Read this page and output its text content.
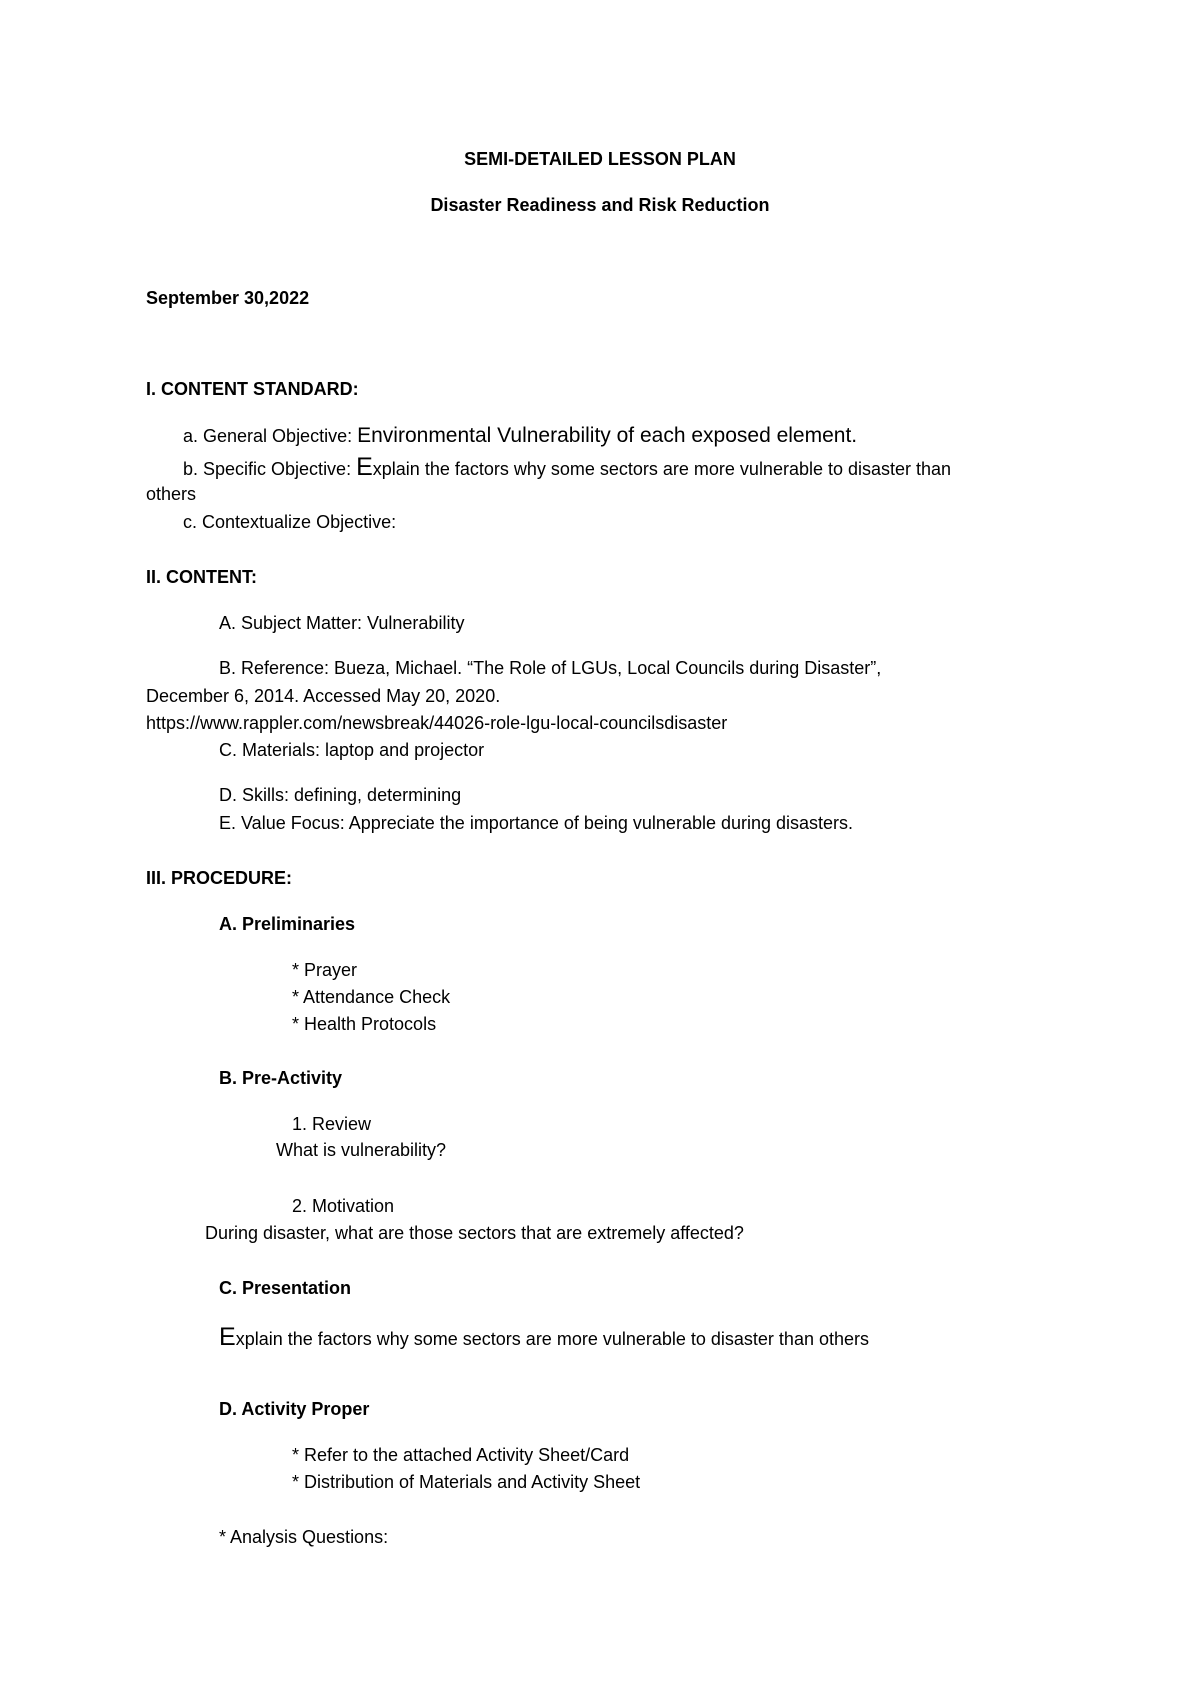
SEMI-DETAILED LESSON PLAN
Disaster Readiness and Risk Reduction
September 30,2022
I. CONTENT STANDARD:
a. General Objective: Environmental Vulnerability of each exposed element.
b. Specific Objective: Explain the factors why some sectors are more vulnerable to disaster than
others
c. Contextualize Objective:
II. CONTENT:
A. Subject Matter: Vulnerability
B. Reference: Bueza, Michael. “The Role of LGUs, Local Councils during Disaster”,
December 6, 2014. Accessed May 20, 2020.
https://www.rappler.com/newsbreak/44026-role-lgu-local-councilsdisaster
C. Materials: laptop and projector
D. Skills: defining, determining
E. Value Focus: Appreciate the importance of being vulnerable during disasters.
III. PROCEDURE:
A. Preliminaries
* Prayer
* Attendance Check
* Health Protocols
B. Pre-Activity
1. Review
What is vulnerability?
2. Motivation
During disaster, what are those sectors that are extremely affected?
C. Presentation
Explain the factors why some sectors are more vulnerable to disaster than others
D. Activity Proper
* Refer to the attached Activity Sheet/Card
* Distribution of Materials and Activity Sheet
* Analysis Questions:
